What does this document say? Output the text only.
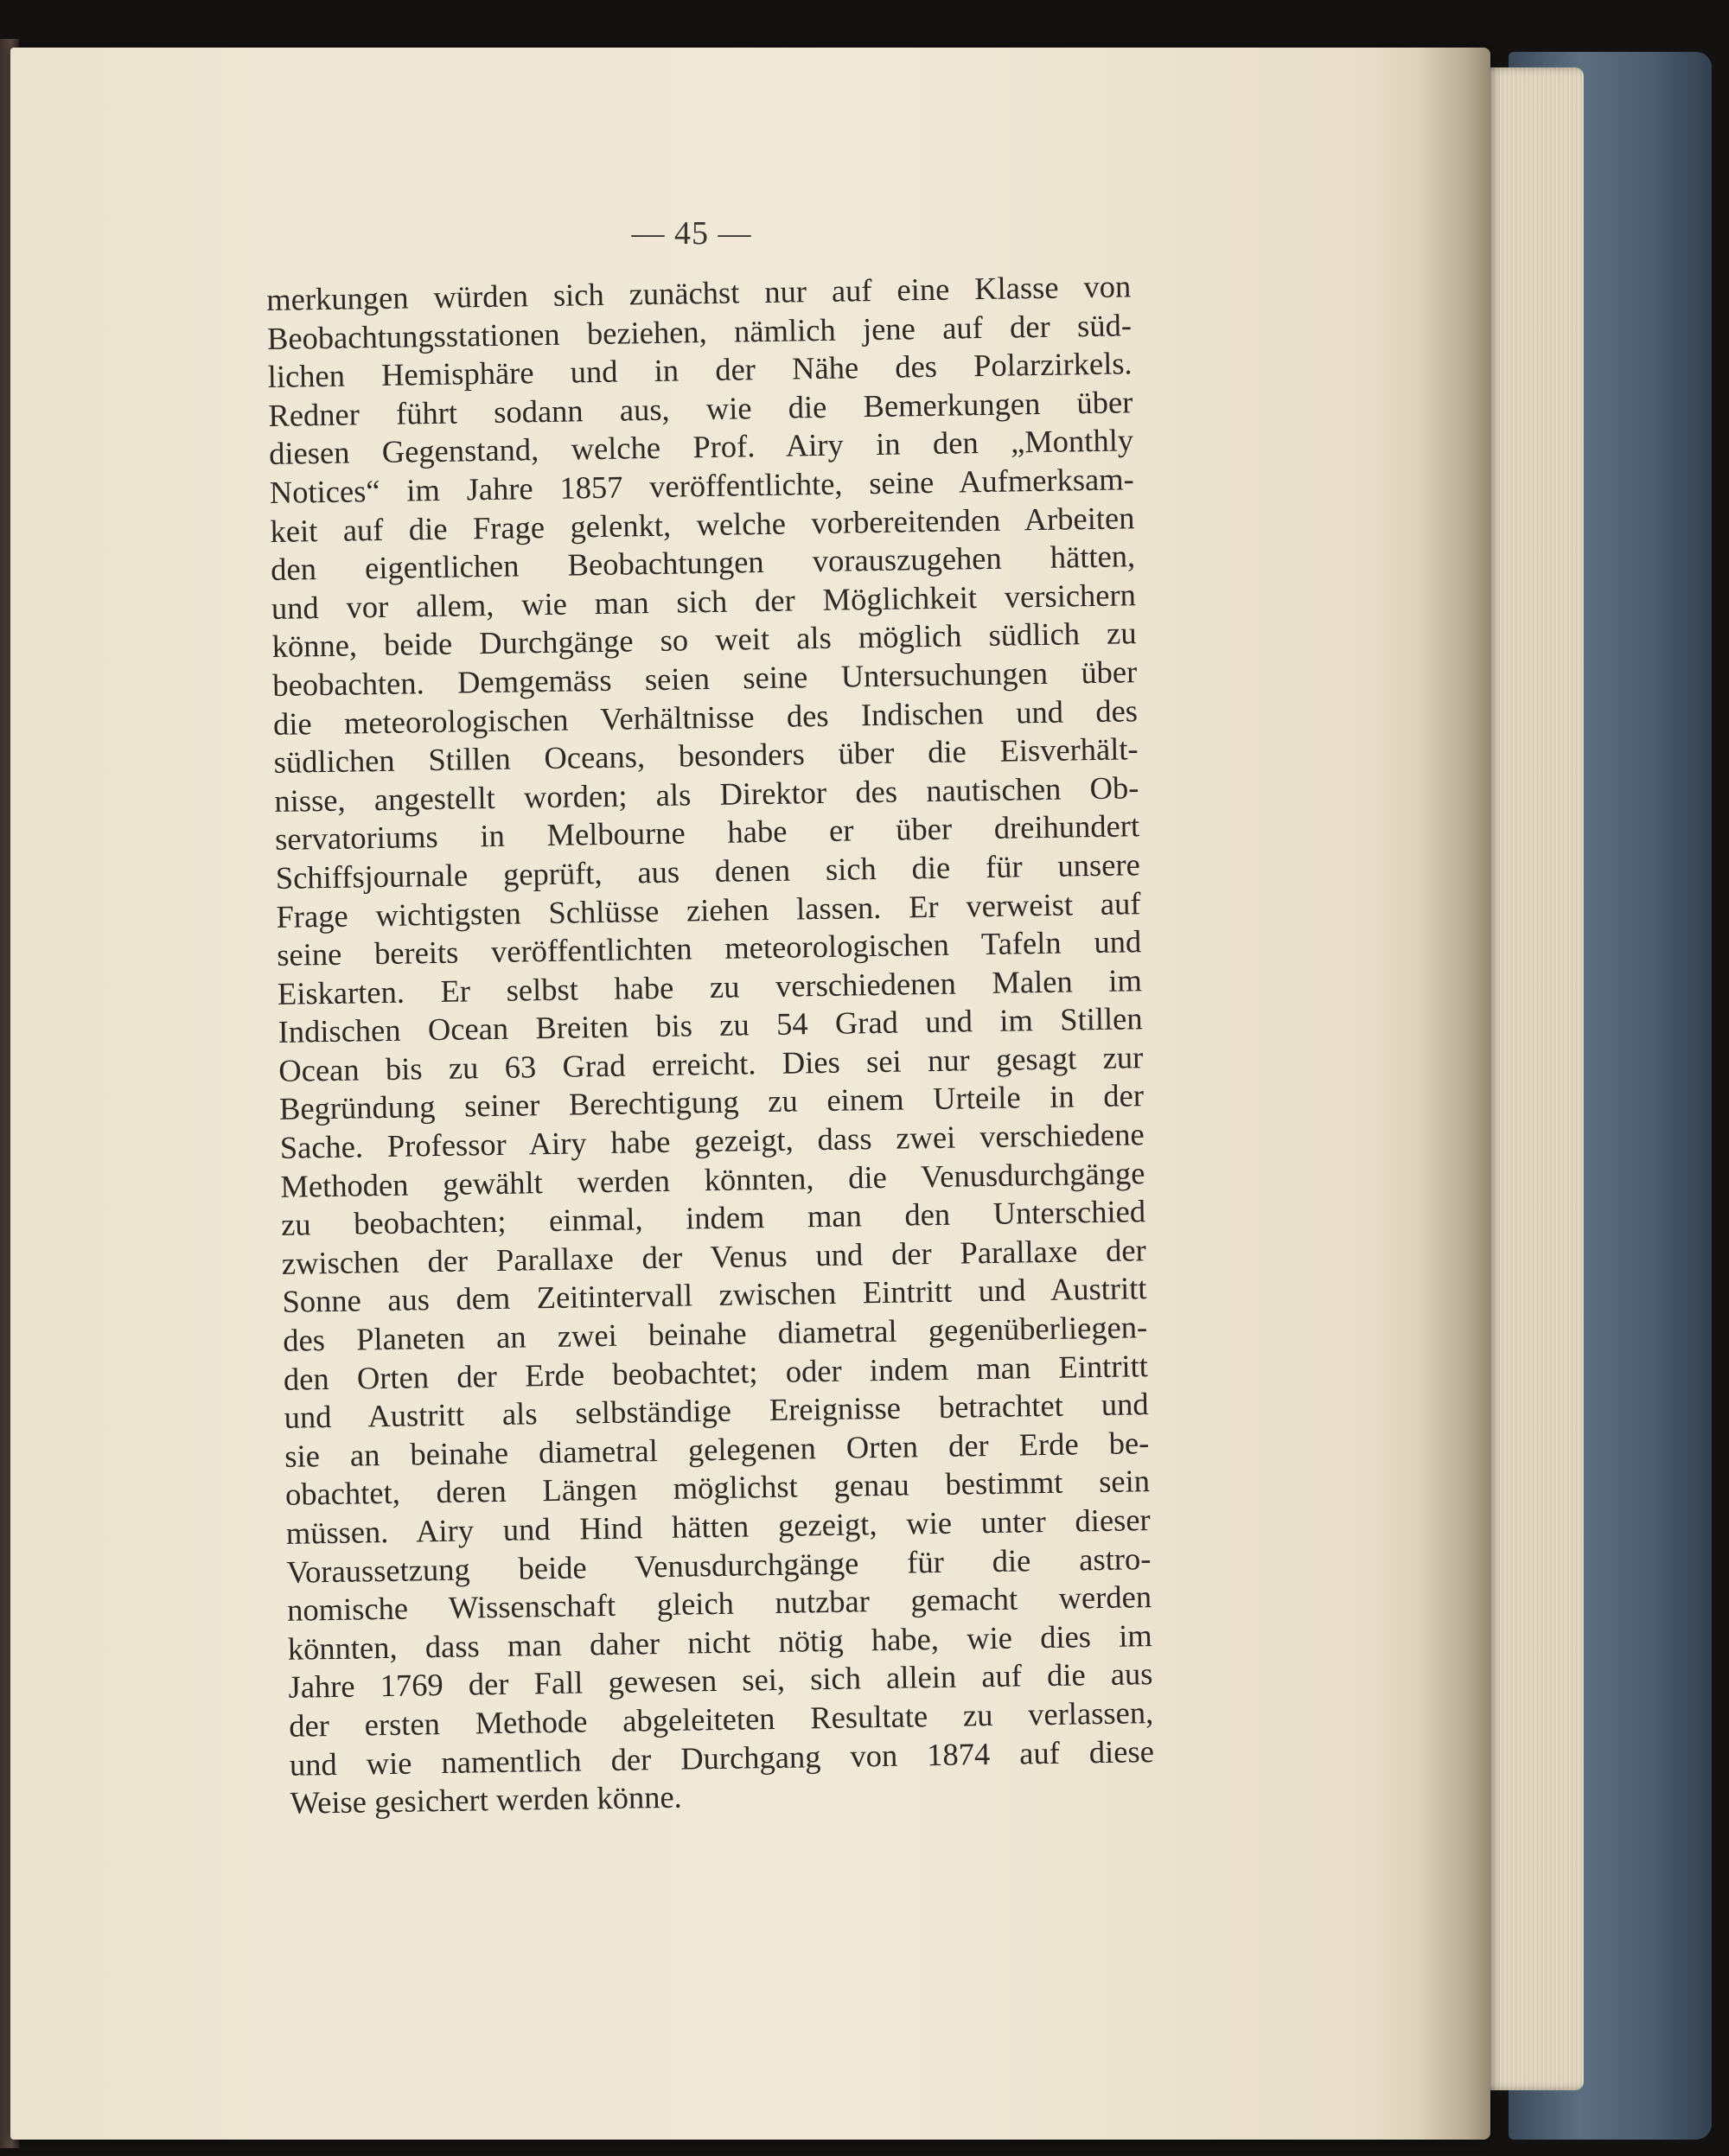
— 45 —
merkungen würden sich zunächst nur auf eine Klasse von
Beobachtungsstationen beziehen, nämlich jene auf der süd-
lichen Hemisphäre und in der Nähe des Polarzirkels.
Redner führt sodann aus, wie die Bemerkungen über
diesen Gegenstand, welche Prof. Airy in den „Monthly
Notices“ im Jahre 1857 veröffentlichte, seine Aufmerksam-
keit auf die Frage gelenkt, welche vorbereitenden Arbeiten
den eigentlichen Beobachtungen vorauszugehen hätten,
und vor allem, wie man sich der Möglichkeit versichern
könne, beide Durchgänge so weit als möglich südlich zu
beobachten. Demgemäss seien seine Untersuchungen über
die meteorologischen Verhältnisse des Indischen und des
südlichen Stillen Oceans, besonders über die Eisverhält-
nisse, angestellt worden; als Direktor des nautischen Ob-
servatoriums in Melbourne habe er über dreihundert
Schiffsjournale geprüft, aus denen sich die für unsere
Frage wichtigsten Schlüsse ziehen lassen. Er verweist auf
seine bereits veröffentlichten meteorologischen Tafeln und
Eiskarten. Er selbst habe zu verschiedenen Malen im
Indischen Ocean Breiten bis zu 54 Grad und im Stillen
Ocean bis zu 63 Grad erreicht. Dies sei nur gesagt zur
Begründung seiner Berechtigung zu einem Urteile in der
Sache. Professor Airy habe gezeigt, dass zwei verschiedene
Methoden gewählt werden könnten, die Venusdurchgänge
zu beobachten; einmal, indem man den Unterschied
zwischen der Parallaxe der Venus und der Parallaxe der
Sonne aus dem Zeitintervall zwischen Eintritt und Austritt
des Planeten an zwei beinahe diametral gegenüberliegen-
den Orten der Erde beobachtet; oder indem man Eintritt
und Austritt als selbständige Ereignisse betrachtet und
sie an beinahe diametral gelegenen Orten der Erde be-
obachtet, deren Längen möglichst genau bestimmt sein
müssen. Airy und Hind hätten gezeigt, wie unter dieser
Voraussetzung beide Venusdurchgänge für die astro-
nomische Wissenschaft gleich nutzbar gemacht werden
könnten, dass man daher nicht nötig habe, wie dies im
Jahre 1769 der Fall gewesen sei, sich allein auf die aus
der ersten Methode abgeleiteten Resultate zu verlassen,
und wie namentlich der Durchgang von 1874 auf diese
Weise gesichert werden könne.
